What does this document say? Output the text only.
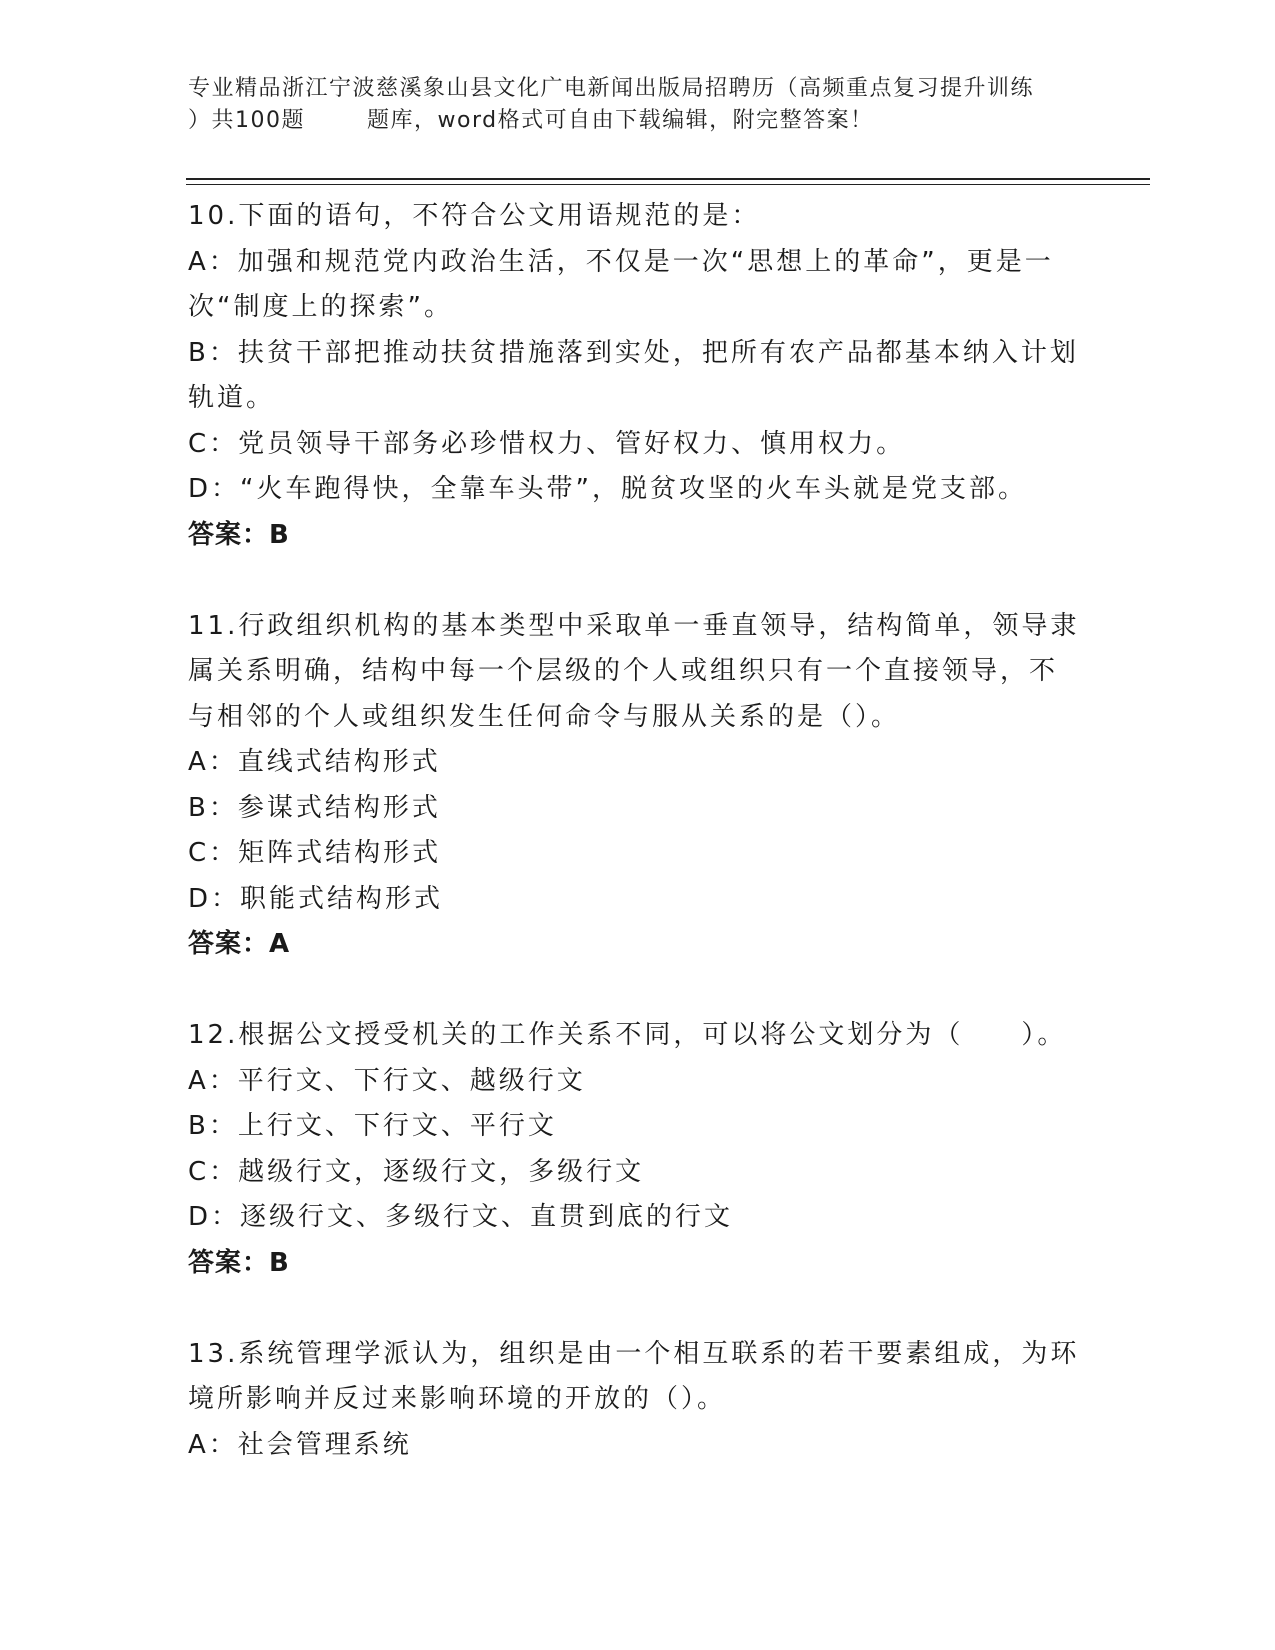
专业精品浙江宁波慈溪象山县文化广电新闻出版局招聘历（高频重点复习提升训练
）共100题	题库，word格式可自由下载编辑，附完整答案！
10.下面的语句，不符合公文用语规范的是：
A：加强和规范党内政治生活，不仅是一次“思想上的革命”，更是一
次“制度上的探索”。
B：扶贫干部把推动扶贫措施落到实处，把所有农产品都基本纳入计划
轨道。
C：党员领导干部务必珍惜权力、管好权力、慎用权力。
D：“火车跑得快，全靠车头带”，脱贫攻坚的火车头就是党支部。
答案：B
11.行政组织机构的基本类型中采取单一垂直领导，结构简单，领导隶
属关系明确，结构中每一个层级的个人或组织只有一个直接领导，不
与相邻的个人或组织发生任何命令与服从关系的是（）。
A：直线式结构形式
B：参谋式结构形式
C：矩阵式结构形式
D：职能式结构形式
答案：A
12.根据公文授受机关的工作关系不同，可以将公文划分为（　　）。
A：平行文、下行文、越级行文
B：上行文、下行文、平行文
C：越级行文，逐级行文，多级行文
D：逐级行文、多级行文、直贯到底的行文
答案：B
13.系统管理学派认为，组织是由一个相互联系的若干要素组成，为环
境所影响并反过来影响环境的开放的（）。
A：社会管理系统
